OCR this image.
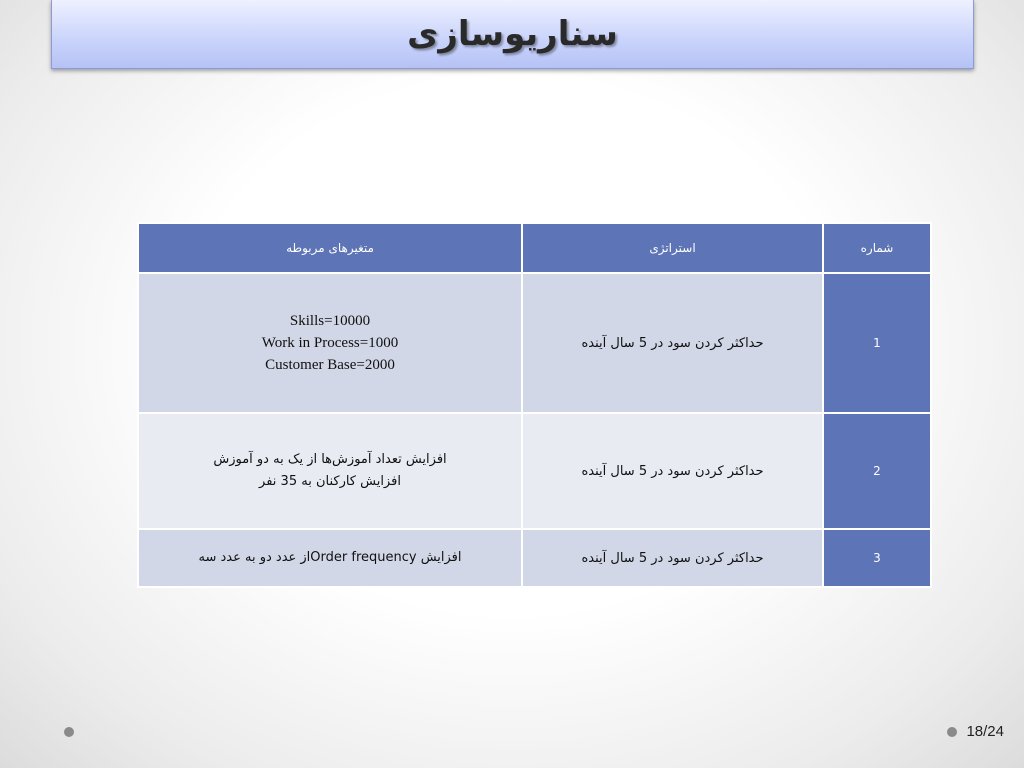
سناریوسازی
شماره	استراتژی	متغیرهای مربوطه
1	حداکثر کردن سود در 5 سال آینده	Skills=10000
Work in Process=1000
Customer Base=2000

2	حداکثر کردن سود در 5 سال آینده	افزایش تعداد آموزش‌ها از یک به دو آموزش
افزایش کارکنان به 35 نفر

3	حداکثر کردن سود در 5 سال آینده	افزایش Order frequencyاز عدد دو به عدد سه
18/24
